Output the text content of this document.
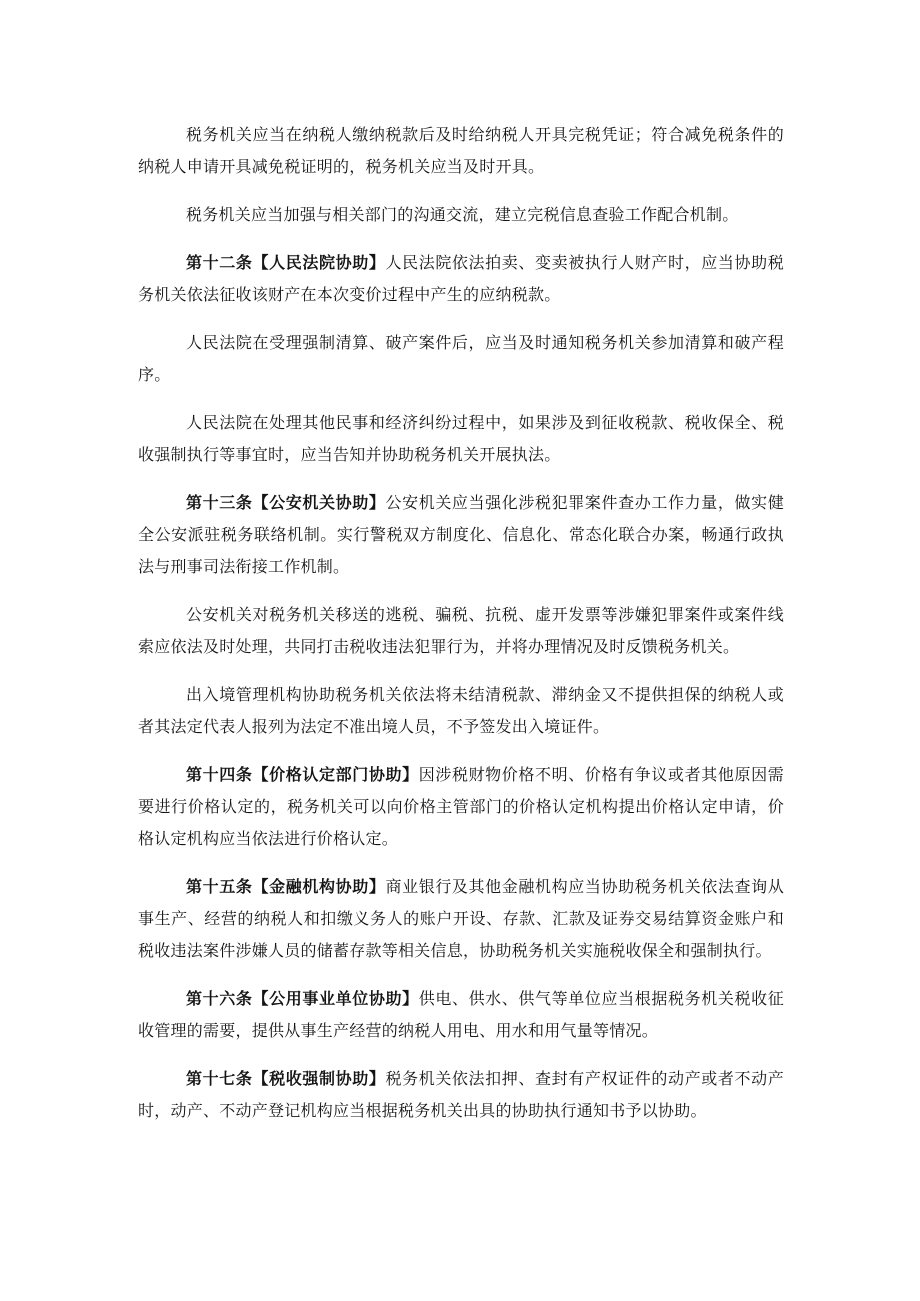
税务机关应当在纳税人缴纳税款后及时给纳税人开具完税凭证；符合减免税条件的纳税人申请开具减免税证明的，税务机关应当及时开具。

税务机关应当加强与相关部门的沟通交流，建立完税信息查验工作配合机制。

第十二条【人民法院协助】人民法院依法拍卖、变卖被执行人财产时，应当协助税务机关依法征收该财产在本次变价过程中产生的应纳税款。

人民法院在受理强制清算、破产案件后，应当及时通知税务机关参加清算和破产程序。

人民法院在处理其他民事和经济纠纷过程中，如果涉及到征收税款、税收保全、税收强制执行等事宜时，应当告知并协助税务机关开展执法。

第十三条【公安机关协助】公安机关应当强化涉税犯罪案件查办工作力量，做实健全公安派驻税务联络机制。实行警税双方制度化、信息化、常态化联合办案，畅通行政执法与刑事司法衔接工作机制。

公安机关对税务机关移送的逃税、骗税、抗税、虚开发票等涉嫌犯罪案件或案件线索应依法及时处理，共同打击税收违法犯罪行为，并将办理情况及时反馈税务机关。

出入境管理机构协助税务机关依法将未结清税款、滞纳金又不提供担保的纳税人或者其法定代表人报列为法定不准出境人员，不予签发出入境证件。

第十四条【价格认定部门协助】因涉税财物价格不明、价格有争议或者其他原因需要进行价格认定的，税务机关可以向价格主管部门的价格认定机构提出价格认定申请，价格认定机构应当依法进行价格认定。

第十五条【金融机构协助】商业银行及其他金融机构应当协助税务机关依法查询从事生产、经营的纳税人和扣缴义务人的账户开设、存款、汇款及证券交易结算资金账户和税收违法案件涉嫌人员的储蓄存款等相关信息，协助税务机关实施税收保全和强制执行。

第十六条【公用事业单位协助】供电、供水、供气等单位应当根据税务机关税收征收管理的需要，提供从事生产经营的纳税人用电、用水和用气量等情况。

第十七条【税收强制协助】税务机关依法扣押、查封有产权证件的动产或者不动产时，动产、不动产登记机构应当根据税务机关出具的协助执行通知书予以协助。
